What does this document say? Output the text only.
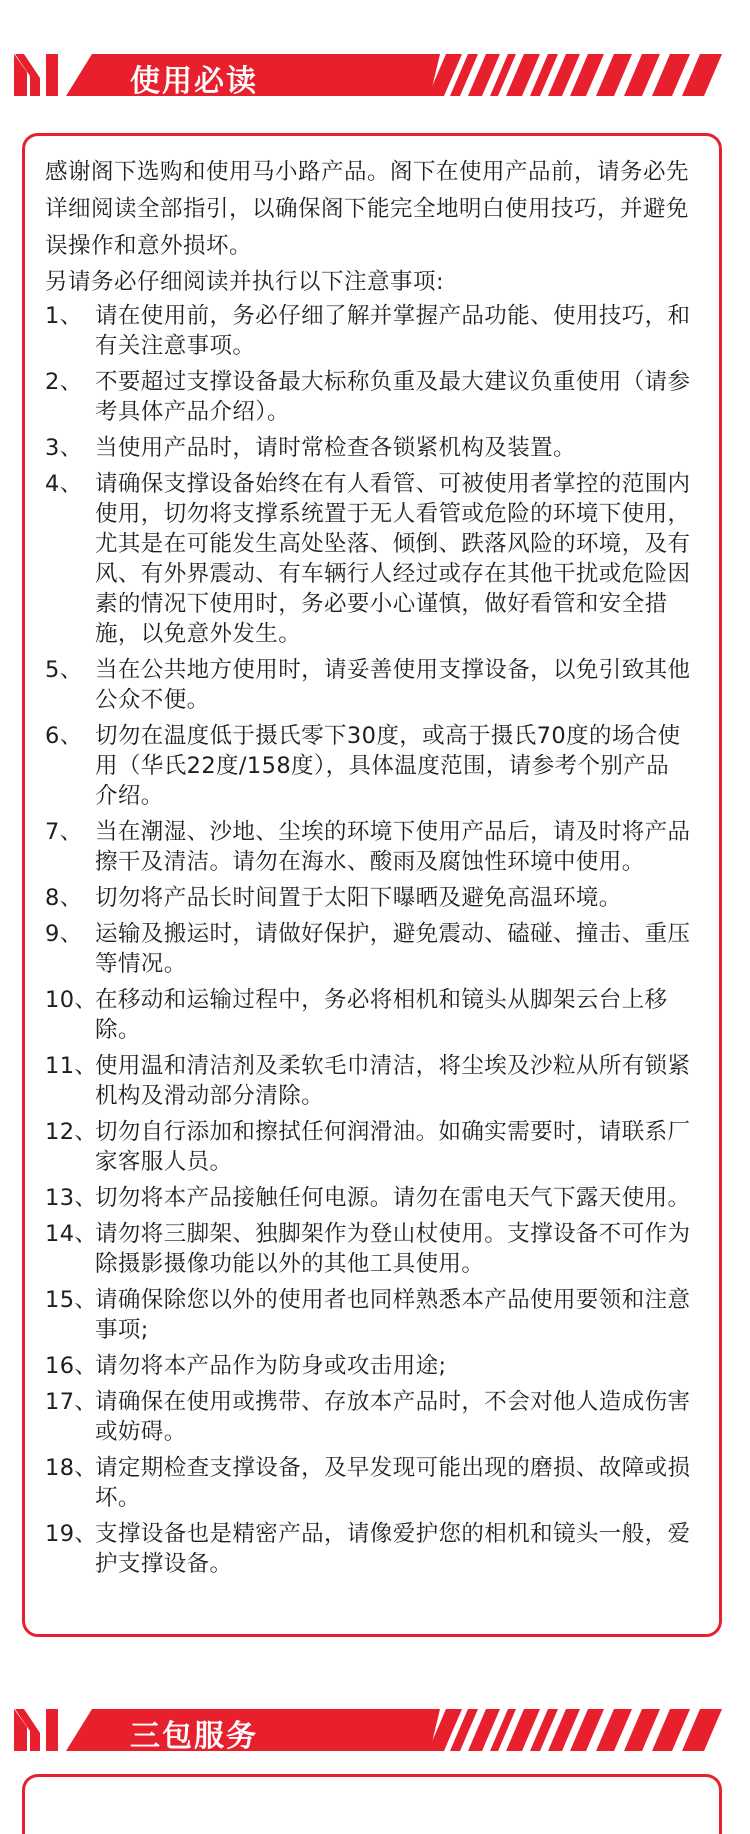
使用必读

感谢阁下选购和使用马小路产品。阁下在使用产品前，请务必先详细阅读全部指引，以确保阁下能完全地明白使用技巧，并避免误操作和意外损坏。

另请务必仔细阅读并执行以下注意事项:

1、 请在使用前，务必仔细了解并掌握产品功能、使用技巧，和有关注意事项。
2、 不要超过支撑设备最大标称负重及最大建议负重使用（请参考具体产品介绍）。
3、 当使用产品时，请时常检查各锁紧机构及装置。
4、 请确保支撑设备始终在有人看管、可被使用者掌控的范围内使用，切勿将支撑系统置于无人看管或危险的环境下使用，尤其是在可能发生高处坠落、倾倒、跌落风险的环境，及有风、有外界震动、有车辆行人经过或存在其他干扰或危险因素的情况下使用时，务必要小心谨慎，做好看管和安全措施，以免意外发生。
5、 当在公共地方使用时，请妥善使用支撑设备，以免引致其他公众不便。
6、 切勿在温度低于摄氏零下30度，或高于摄氏70度的场合使用（华氏22度/158度），具体温度范围，请参考个别产品介绍。
7、 当在潮湿、沙地、尘埃的环境下使用产品后，请及时将产品擦干及清洁。请勿在海水、酸雨及腐蚀性环境中使用。
8、 切勿将产品长时间置于太阳下曝晒及避免高温环境。
9、 运输及搬运时，请做好保护，避免震动、磕碰、撞击、重压等情况。
10、
在移动和运输过程中，务必将相机和镜头从脚架云台上移除。
11、
使用温和清洁剂及柔软毛巾清洁，将尘埃及沙粒从所有锁紧机构及滑动部分清除。
12、
切勿自行添加和擦拭任何润滑油。如确实需要时，请联系厂家客服人员。
13、
切勿将本产品接触任何电源。请勿在雷电天气下露天使用。
14、
请勿将三脚架、独脚架作为登山杖使用。支撑设备不可作为除摄影摄像功能以外的其他工具使用。
15、
请确保除您以外的使用者也同样熟悉本产品使用要领和注意事项;
16、
请勿将本产品作为防身或攻击用途;
17、
请确保在使用或携带、存放本产品时，不会对他人造成伤害或妨碍。
18、
请定期检查支撑设备，及早发现可能出现的磨损、故障或损坏。
19、
支撑设备也是精密产品，请像爱护您的相机和镜头一般，爱护支撑设备。
三包服务
